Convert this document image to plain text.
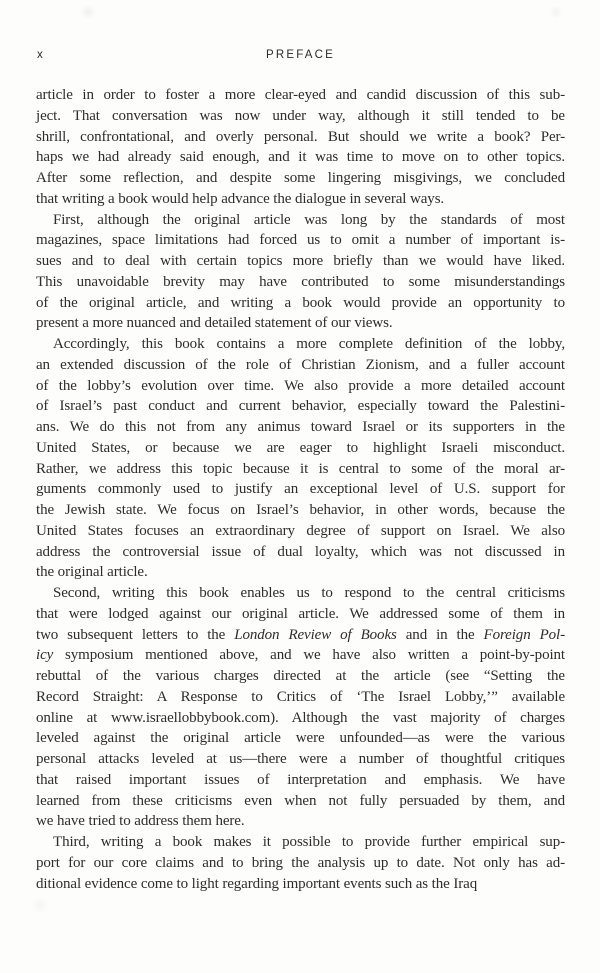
x	PREFACE
article in order to foster a more clear-eyed and candid discussion of this sub-
ject. That conversation was now under way, although it still tended to be
shrill, confrontational, and overly personal. But should we write a book? Per-
haps we had already said enough, and it was time to move on to other topics.
After some reflection, and despite some lingering misgivings, we concluded
that writing a book would help advance the dialogue in several ways.
First, although the original article was long by the standards of most
magazines, space limitations had forced us to omit a number of important is-
sues and to deal with certain topics more briefly than we would have liked.
This unavoidable brevity may have contributed to some misunderstandings
of the original article, and writing a book would provide an opportunity to
present a more nuanced and detailed statement of our views.
Accordingly, this book contains a more complete definition of the lobby,
an extended discussion of the role of Christian Zionism, and a fuller account
of the lobby’s evolution over time. We also provide a more detailed account
of Israel’s past conduct and current behavior, especially toward the Palestini-
ans. We do this not from any animus toward Israel or its supporters in the
United States, or because we are eager to highlight Israeli misconduct.
Rather, we address this topic because it is central to some of the moral ar-
guments commonly used to justify an exceptional level of U.S. support for
the Jewish state. We focus on Israel’s behavior, in other words, because the
United States focuses an extraordinary degree of support on Israel. We also
address the controversial issue of dual loyalty, which was not discussed in
the original article.
Second, writing this book enables us to respond to the central criticisms
that were lodged against our original article. We addressed some of them in
two subsequent letters to the London Review of Books and in the Foreign Pol-
icy symposium mentioned above, and we have also written a point-by-point
rebuttal of the various charges directed at the article (see “Setting the
Record Straight: A Response to Critics of ‘The Israel Lobby,’” available
online at www.israellobbybook.com). Although the vast majority of charges
leveled against the original article were unfounded—as were the various
personal attacks leveled at us—there were a number of thoughtful critiques
that raised important issues of interpretation and emphasis. We have
learned from these criticisms even when not fully persuaded by them, and
we have tried to address them here.
Third, writing a book makes it possible to provide further empirical sup-
port for our core claims and to bring the analysis up to date. Not only has ad-
ditional evidence come to light regarding important events such as the Iraq
